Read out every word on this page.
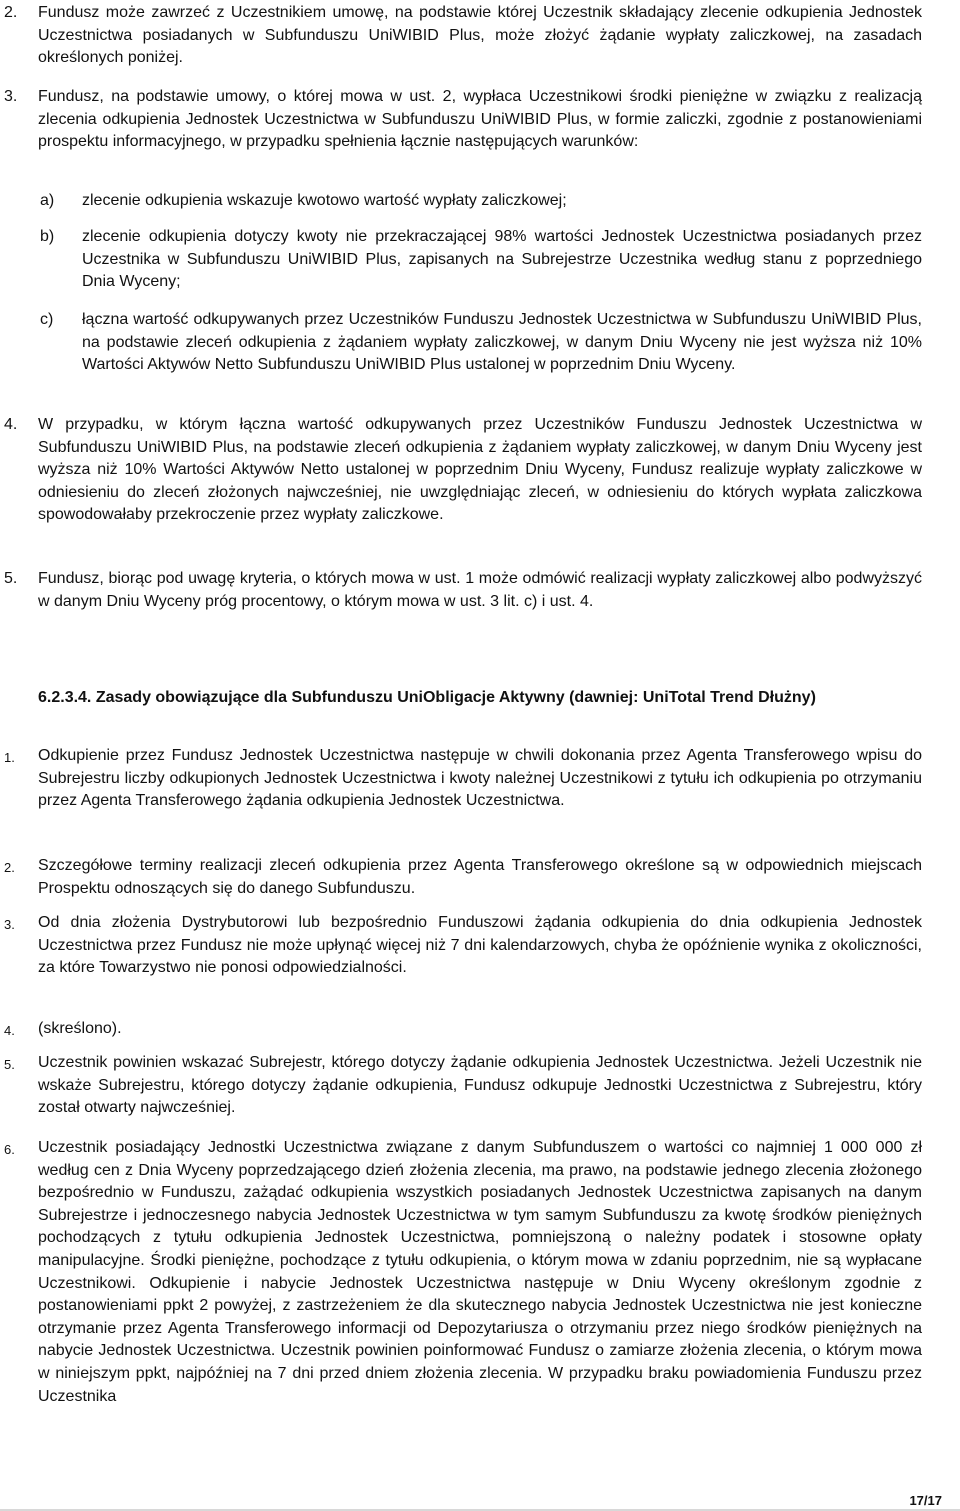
2.	Fundusz może zawrzeć z Uczestnikiem umowę, na podstawie której Uczestnik składający zlecenie odkupienia Jednostek Uczestnictwa posiadanych w Subfunduszu UniWIBID Plus, może złożyć żądanie wypłaty zaliczkowej, na zasadach określonych poniżej.
3.	Fundusz, na podstawie umowy, o której mowa w ust. 2, wypłaca Uczestnikowi środki pieniężne w związku z realizacją zlecenia odkupienia Jednostek Uczestnictwa w Subfunduszu UniWIBID Plus, w formie zaliczki, zgodnie z postanowieniami prospektu informacyjnego, w przypadku spełnienia łącznie następujących warunków:
a) zlecenie odkupienia wskazuje kwotowo wartość wypłaty zaliczkowej;
b) zlecenie odkupienia dotyczy kwoty nie przekraczającej 98% wartości Jednostek Uczestnictwa posiadanych przez Uczestnika w Subfunduszu UniWIBID Plus, zapisanych na Subrejestrze Uczestnika według stanu z poprzedniego Dnia Wyceny;
c) łączna wartość odkupywanych przez Uczestników Funduszu Jednostek Uczestnictwa w Subfunduszu UniWIBID Plus, na podstawie zleceń odkupienia z żądaniem wypłaty zaliczkowej, w danym Dniu Wyceny nie jest wyższa niż 10% Wartości Aktywów Netto Subfunduszu UniWIBID Plus ustalonej w poprzednim Dniu Wyceny.
4.	W przypadku, w którym łączna wartość odkupywanych przez Uczestników Funduszu Jednostek Uczestnictwa w Subfunduszu UniWIBID Plus, na podstawie zleceń odkupienia z żądaniem wypłaty zaliczkowej, w danym Dniu Wyceny jest wyższa niż 10% Wartości Aktywów Netto ustalonej w poprzednim Dniu Wyceny, Fundusz realizuje wypłaty zaliczkowe w odniesieniu do zleceń złożonych najwcześniej, nie uwzględniając zleceń, w odniesieniu do których wypłata zaliczkowa spowodowałaby przekroczenie przez wypłaty zaliczkowe.
5.	Fundusz, biorąc pod uwagę kryteria, o których mowa w ust. 1 może odmówić realizacji wypłaty zaliczkowej albo podwyższyć w danym Dniu Wyceny próg procentowy, o którym mowa w ust. 3 lit. c) i ust. 4.
6.2.3.4. Zasady obowiązujące dla Subfunduszu UniObligacje Aktywny (dawniej: UniTotal Trend Dłużny)
1.	Odkupienie przez Fundusz Jednostek Uczestnictwa następuje w chwili dokonania przez Agenta Transferowego wpisu do Subrejestru liczby odkupionych Jednostek Uczestnictwa i kwoty należnej Uczestnikowi z tytułu ich odkupienia po otrzymaniu przez Agenta Transferowego żądania odkupienia Jednostek Uczestnictwa.
2.	Szczegółowe terminy realizacji zleceń odkupienia przez Agenta Transferowego określone są w odpowiednich miejscach Prospektu odnoszących się do danego Subfunduszu.
3.	Od dnia złożenia Dystrybutorowi lub bezpośrednio Funduszowi żądania odkupienia do dnia odkupienia Jednostek Uczestnictwa przez Fundusz nie może upłynąć więcej niż 7 dni kalendarzowych, chyba że opóźnienie wynika z okoliczności, za które Towarzystwo nie ponosi odpowiedzialności.
4.	(skreślono).
5.	Uczestnik powinien wskazać Subrejestr, którego dotyczy żądanie odkupienia Jednostek Uczestnictwa. Jeżeli Uczestnik nie wskaże Subrejestru, którego dotyczy żądanie odkupienia, Fundusz odkupuje Jednostki Uczestnictwa z Subrejestru, który został otwarty najwcześniej.
6.	Uczestnik posiadający Jednostki Uczestnictwa związane z danym Subfunduszem o wartości co najmniej 1 000 000 zł według cen z Dnia Wyceny poprzedzającego dzień złożenia zlecenia, ma prawo, na podstawie jednego zlecenia złożonego bezpośrednio w Funduszu, zażądać odkupienia wszystkich posiadanych Jednostek Uczestnictwa zapisanych na danym Subrejestrze i jednoczesnego nabycia Jednostek Uczestnictwa w tym samym Subfunduszu za kwotę środków pieniężnych pochodzących z tytułu odkupienia Jednostek Uczestnictwa, pomniejszoną o należny podatek i stosowne opłaty manipulacyjne. Środki pieniężne, pochodzące z tytułu odkupienia, o którym mowa w zdaniu poprzednim, nie są wypłacane Uczestnikowi. Odkupienie i nabycie Jednostek Uczestnictwa następuje w Dniu Wyceny określonym zgodnie z postanowieniami ppkt 2 powyżej, z zastrzeżeniem że dla skutecznego nabycia Jednostek Uczestnictwa nie jest konieczne otrzymanie przez Agenta Transferowego informacji od Depozytariusza o otrzymaniu przez niego środków pieniężnych na nabycie Jednostek Uczestnictwa. Uczestnik powinien poinformować Fundusz o zamiarze złożenia zlecenia, o którym mowa w niniejszym ppkt, najpóźniej na 7 dni przed dniem złożenia zlecenia. W przypadku braku powiadomienia Funduszu przez Uczestnika
17/17
